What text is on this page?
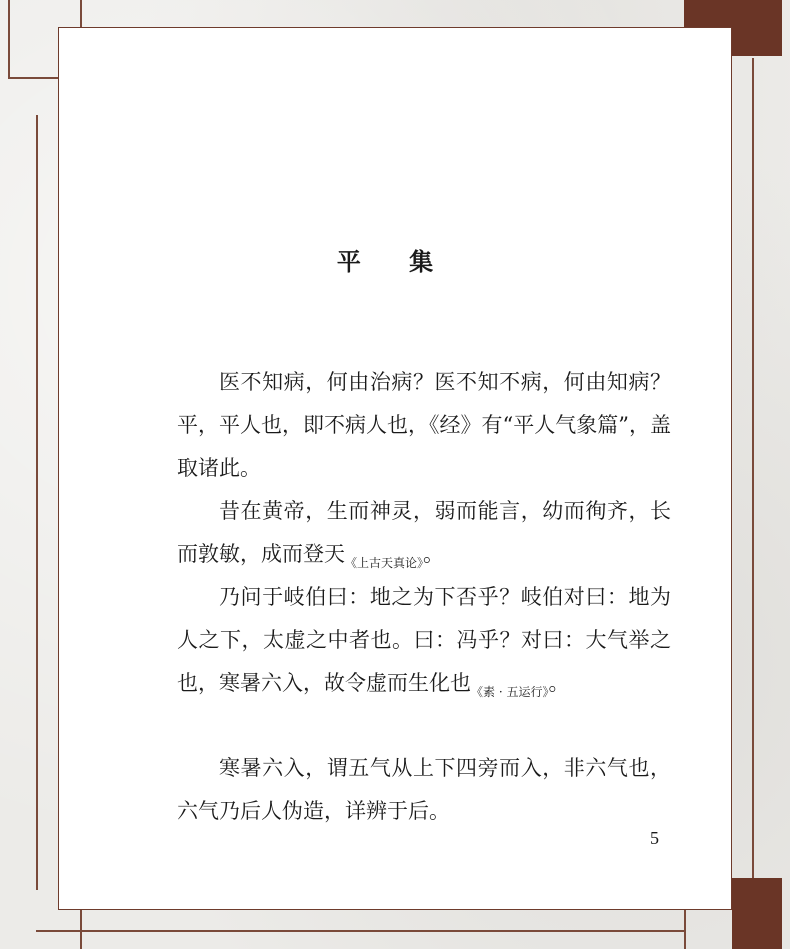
平 集

医不知病，何由治病？医不知不病，何由知病？平，平人也，即不病人也，《经》有“平人气象篇”，盖取诸此。

昔在黄帝，生而神灵，弱而能言，幼而徇齐，长而敦敏，成而登天$_{《上古天真论》}$。

乃问于岐伯曰：地之为下否乎？岐伯对曰：地为人之下，太虚之中者也。曰：冯乎？对曰：大气举之也，寒暑六入，故令虚而生化也$_{《素 \cdot 五运行》}$。

寒暑六入，谓五气从上下四旁而入，非六气也，六气乃后人伪造，详辨于后。

5
